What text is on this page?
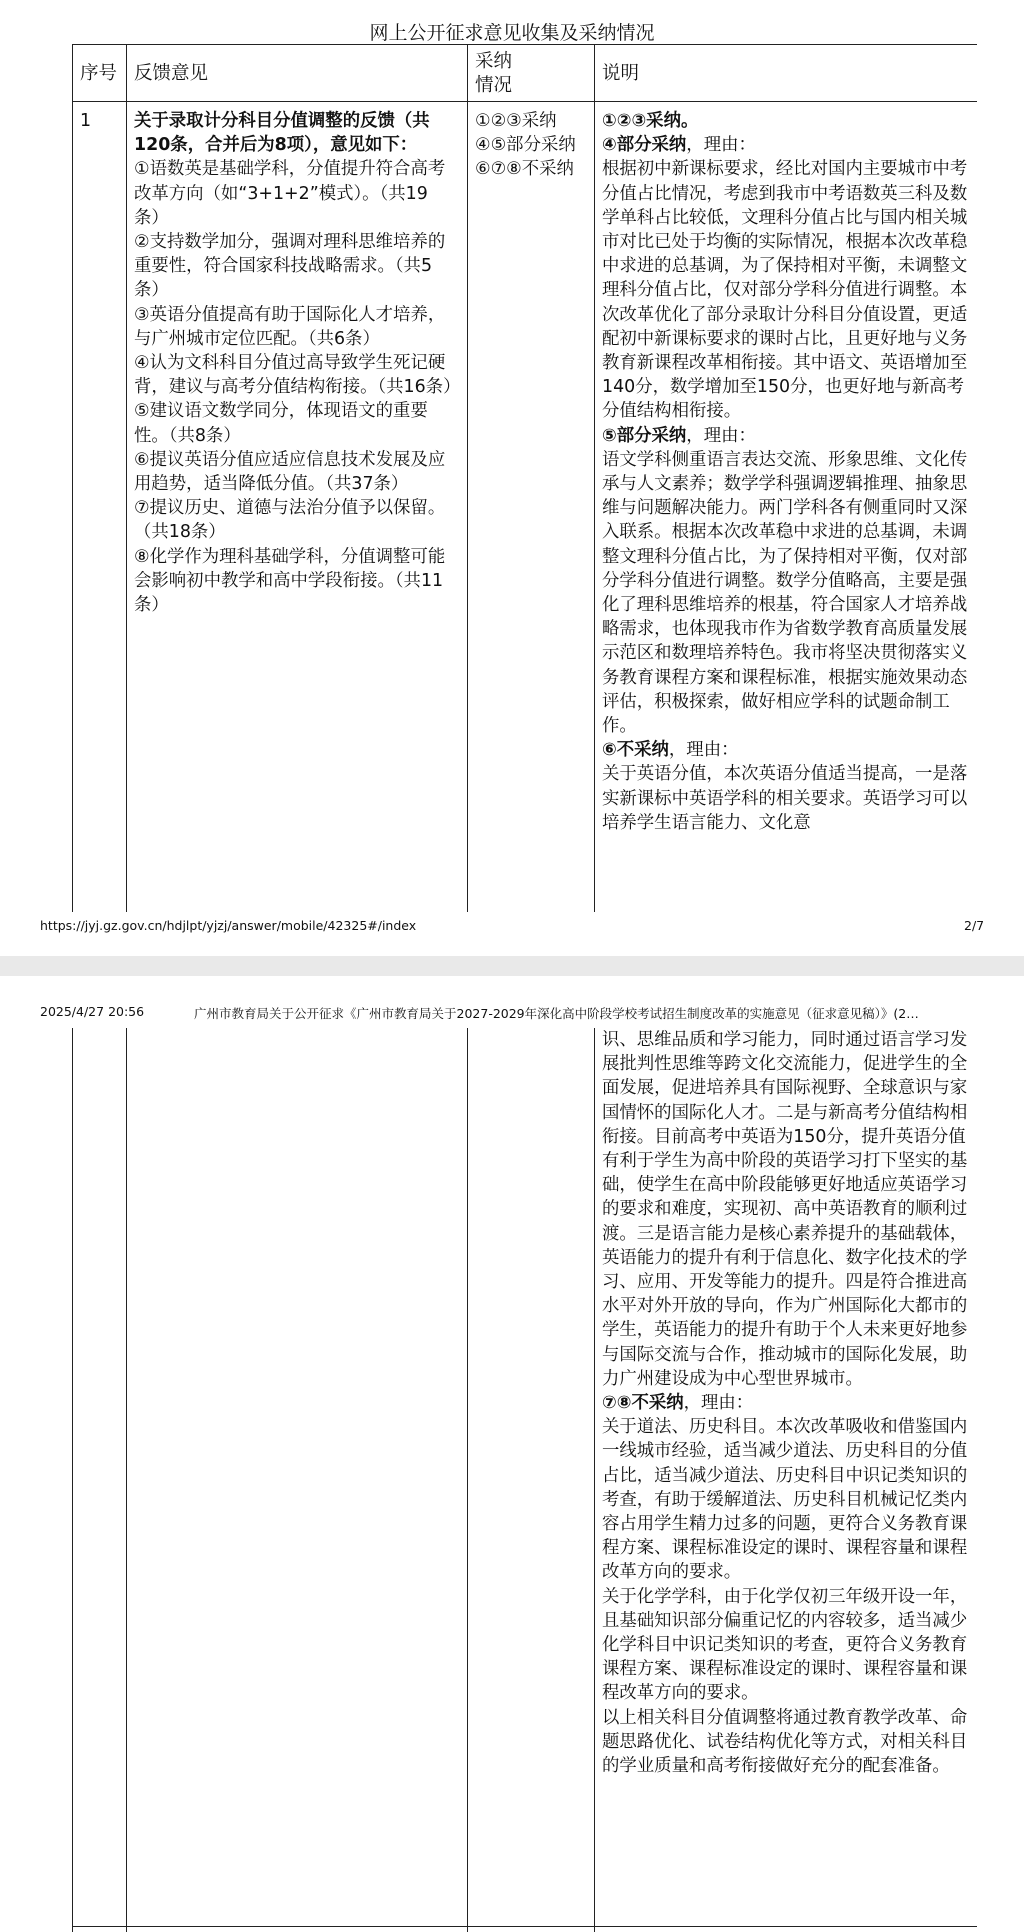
网上公开征求意见收集及采纳情况
序号 反馈意见
采纳
情况
说明
1 关于录取计分科目分值调整的反馈（共120条，合并后为8项），意见如下：

①语数英是基础学科，分值提升符合高考改革方向（如“3+1+2”模式）。（共19条）

②支持数学加分，强调对理科思维培养的重要性，符合国家科技战略需求。（共5条）

③英语分值提高有助于国际化人才培养，与广州城市定位匹配。（共6条）

④认为文科科目分值过高导致学生死记硬背，建议与高考分值结构衔接。（共16条）

⑤建议语文数学同分，体现语文的重要性。（共8条）

⑥提议英语分值应适应信息技术发展及应用趋势，适当降低分值。（共37条）

⑦提议历史、道德与法治分值予以保留。（共18条）

⑧化学作为理科基础学科，分值调整可能会影响初中教学和高中学段衔接。（共11条）

①②③采纳

④⑤部分采纳

⑥⑦⑧不采纳

①②③采纳。

④部分采纳，理由：

根据初中新课标要求，经比对国内主要城市中考分值占比情况，考虑到我市中考语数英三科及数学单科占比较低，文理科分值占比与国内相关城市对比已处于均衡的实际情况，根据本次改革稳中求进的总基调，为了保持相对平衡，未调整文理科分值占比，仅对部分学科分值进行调整。本次改革优化了部分录取计分科目分值设置，更适配初中新课标要求的课时占比，且更好地与义务教育新课程改革相衔接。其中语文、英语增加至140分，数学增加至150分，也更好地与新高考分值结构相衔接。

⑤部分采纳，理由：

语文学科侧重语言表达交流、形象思维、文化传承与人文素养；数学学科强调逻辑推理、抽象思维与问题解决能力。两门学科各有侧重同时又深入联系。根据本次改革稳中求进的总基调，未调整文理科分值占比，为了保持相对平衡，仅对部分学科分值进行调整。数学分值略高，主要是强化了理科思维培养的根基，符合国家人才培养战略需求，也体现我市作为省数学教育高质量发展示范区和数理培养特色。我市将坚决贯彻落实义务教育课程方案和课程标准，根据实施效果动态评估，积极探索，做好相应学科的试题命制工作。

⑥不采纳，理由：

关于英语分值，本次英语分值适当提高，一是落实新课标中英语学科的相关要求。英语学习可以培养学生语言能力、文化意

https://jyj.gz.gov.cn/hdjlpt/yjzj/answer/mobile/42325#/index	2/7
2025/4/27 20:56	广州市教育局关于公开征求《广州市教育局关于2027-2029年深化高中阶段学校考试招生制度改革的实施意见（征求意见稿）》(2…

识、思维品质和学习能力，同时通过语言学习发展批判性思维等跨文化交流能力，促进学生的全面发展，促进培养具有国际视野、全球意识与家国情怀的国际化人才。二是与新高考分值结构相衔接。目前高考中英语为150分，提升英语分值有利于学生为高中阶段的英语学习打下坚实的基础，使学生在高中阶段能够更好地适应英语学习的要求和难度，实现初、高中英语教育的顺利过渡。三是语言能力是核心素养提升的基础载体，英语能力的提升有利于信息化、数字化技术的学习、应用、开发等能力的提升。四是符合推进高水平对外开放的导向，作为广州国际化大都市的学生，英语能力的提升有助于个人未来更好地参与国际交流与合作，推动城市的国际化发展，助力广州建设成为中心型世界城市。

⑦⑧不采纳，理由：

关于道法、历史科目。本次改革吸收和借鉴国内一线城市经验，适当减少道法、历史科目的分值占比，适当减少道法、历史科目中识记类知识的考查，有助于缓解道法、历史科目机械记忆类内容占用学生精力过多的问题，更符合义务教育课程方案、课程标准设定的课时、课程容量和课程改革方向的要求。

关于化学学科，由于化学仅初三年级开设一年，且基础知识部分偏重记忆的内容较多，适当减少化学科目中识记类知识的考查，更符合义务教育课程方案、课程标准设定的课时、课程容量和课程改革方向的要求。

以上相关科目分值调整将通过教育教学改革、命题思路优化、试卷结构优化等方式，对相关科目的学业质量和高考衔接做好充分的配套准备。
